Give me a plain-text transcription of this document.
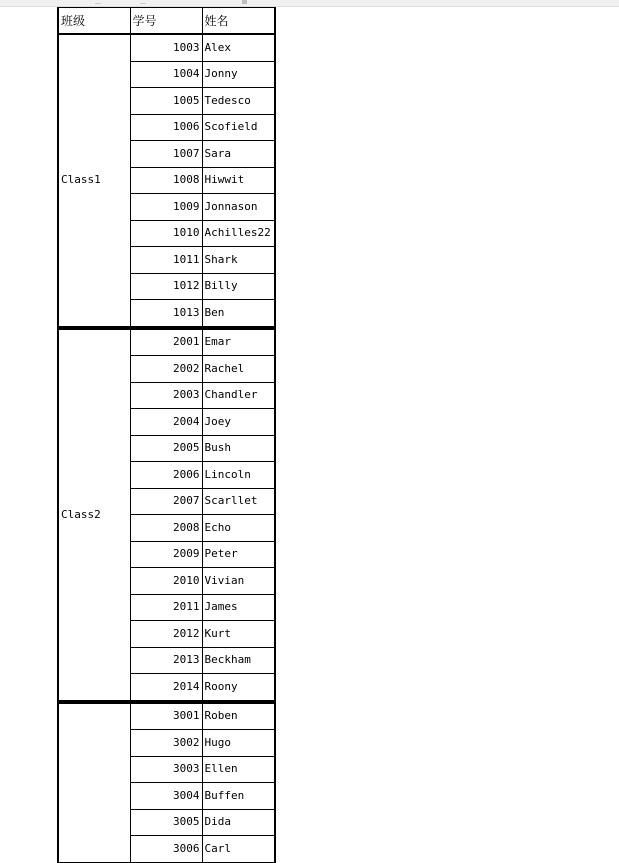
班级	学号	姓名
Class1	1003	Alex
	1004	Jonny
	1005	Tedesco
	1006	Scofield
	1007	Sara
	1008	Hiwwit
	1009	Jonnason
	1010	Achilles22
	1011	Shark
	1012	Billy
	1013	Ben
Class2	2001	Emar
	2002	Rachel
	2003	Chandler
	2004	Joey
	2005	Bush
	2006	Lincoln
	2007	Scarllet
	2008	Echo
	2009	Peter
	2010	Vivian
	2011	James
	2012	Kurt
	2013	Beckham
	2014	Roony
	3001	Roben
	3002	Hugo
	3003	Ellen
	3004	Buffen
	3005	Dida
	3006	Carl
